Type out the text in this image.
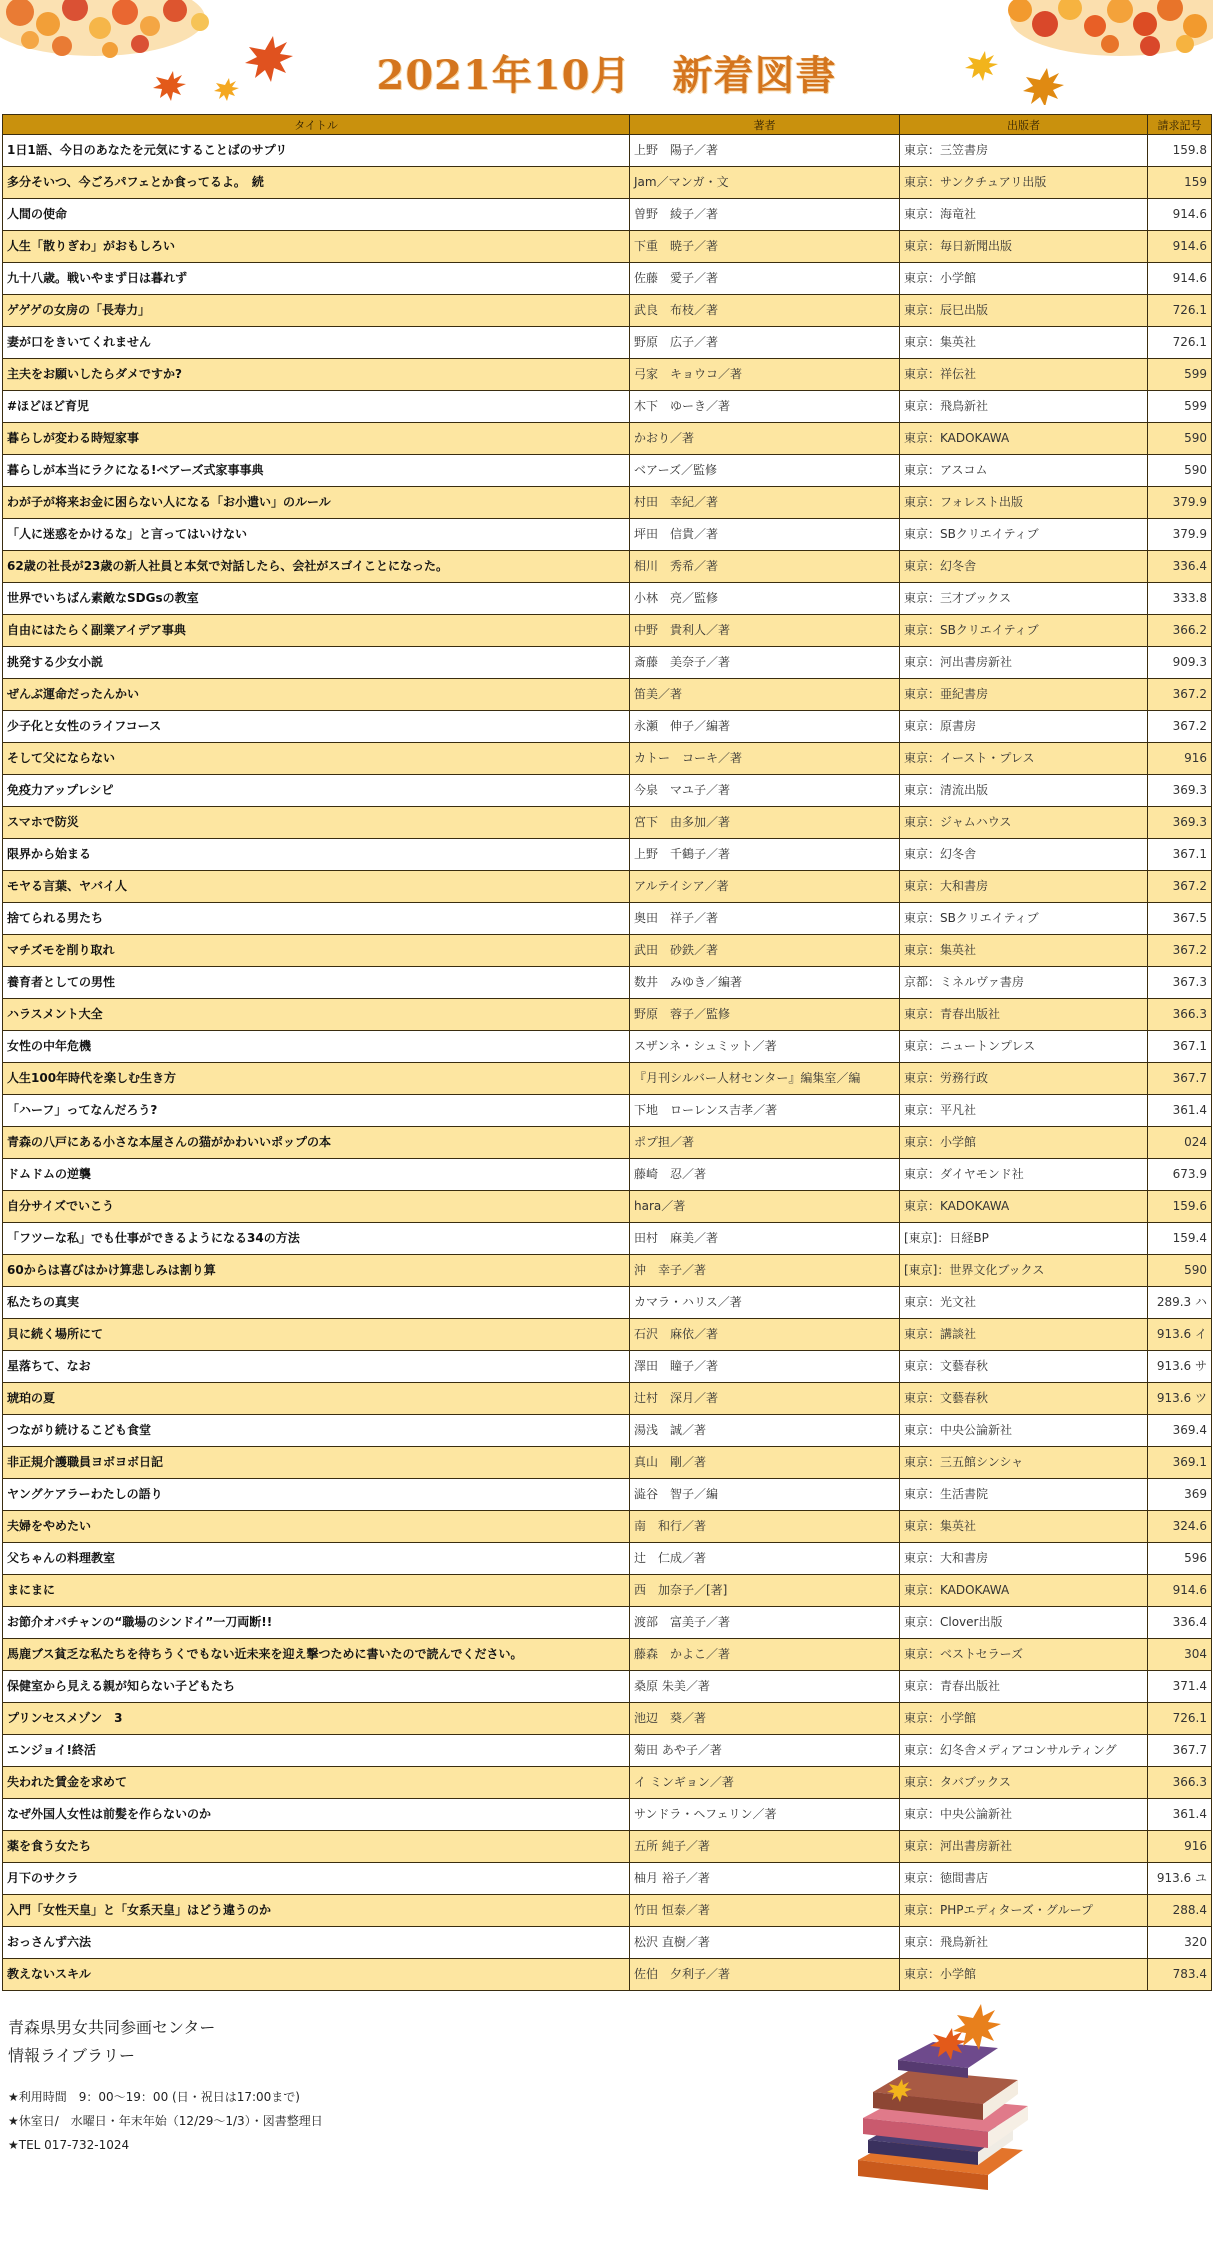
2021年10月　新着図書
タイトル	著者	出版者	請求記号
1日1語、今日のあなたを元気にすることばのサプリ	上野　陽子／著	東京：三笠書房	159.8
多分そいつ、今ごろパフェとか食ってるよ。　続	Jam／マンガ・文	東京：サンクチュアリ出版	159
人間の使命	曽野　綾子／著	東京：海竜社	914.6
人生「散りぎわ」がおもしろい	下重　暁子／著	東京：毎日新聞出版	914.6
九十八歳。戦いやまず日は暮れず	佐藤　愛子／著	東京：小学館	914.6
ゲゲゲの女房の「長寿力」	武良　布枝／著	東京：辰巳出版	726.1
妻が口をきいてくれません	野原　広子／著	東京：集英社	726.1
主夫をお願いしたらダメですか?	弓家　キョウコ／著	東京：祥伝社	599
#ほどほど育児	木下　ゆーき／著	東京：飛鳥新社	599
暮らしが変わる時短家事	かおり／著	東京：KADOKAWA	590
暮らしが本当にラクになる!ベアーズ式家事事典	ベアーズ／監修	東京：アスコム	590
わが子が将来お金に困らない人になる「お小遣い」のルール	村田　幸紀／著	東京：フォレスト出版	379.9
「人に迷惑をかけるな」と言ってはいけない	坪田　信貴／著	東京：SBクリエイティブ	379.9
62歳の社長が23歳の新人社員と本気で対話したら、会社がスゴイことになった。	相川　秀希／著	東京：幻冬舎	336.4
世界でいちばん素敵なSDGsの教室	小林　亮／監修	東京：三才ブックス	333.8
自由にはたらく副業アイデア事典	中野　貴利人／著	東京：SBクリエイティブ	366.2
挑発する少女小説	斎藤　美奈子／著	東京：河出書房新社	909.3
ぜんぶ運命だったんかい	笛美／著	東京：亜紀書房	367.2
少子化と女性のライフコース	永瀬　伸子／編著	東京：原書房	367.2
そして父にならない	カトー　コーキ／著	東京：イースト・プレス	916
免疫力アップレシピ	今泉　マユ子／著	東京：清流出版	369.3
スマホで防災	宮下　由多加／著	東京：ジャムハウス	369.3
限界から始まる	上野　千鶴子／著	東京：幻冬舎	367.1
モヤる言葉、ヤバイ人	アルテイシア／著	東京：大和書房	367.2
捨てられる男たち	奥田　祥子／著	東京：SBクリエイティブ	367.5
マチズモを削り取れ	武田　砂鉄／著	東京：集英社	367.2
養育者としての男性	数井　みゆき／編著	京都：ミネルヴァ書房	367.3
ハラスメント大全	野原　蓉子／監修	東京：青春出版社	366.3
女性の中年危機	スザンネ・シュミット／著	東京：ニュートンプレス	367.1
人生100年時代を楽しむ生き方	『月刊シルバー人材センター』編集室／編	東京：労務行政	367.7
「ハーフ」ってなんだろう?	下地　ローレンス吉孝／著	東京：平凡社	361.4
青森の八戸にある小さな本屋さんの猫がかわいいポップの本	ポプ担／著	東京：小学館	024
ドムドムの逆襲	藤崎　忍／著	東京：ダイヤモンド社	673.9
自分サイズでいこう	hara／著	東京：KADOKAWA	159.6
「フツーな私」でも仕事ができるようになる34の方法	田村　麻美／著	[東京]：日経BP	159.4
60からは喜びはかけ算悲しみは割り算	沖　幸子／著	[東京]：世界文化ブックス	590
私たちの真実	カマラ・ハリス／著	東京：光文社	289.3 ハ
貝に続く場所にて	石沢　麻依／著	東京：講談社	913.6 イ
星落ちて、なお	澤田　瞳子／著	東京：文藝春秋	913.6 サ
琥珀の夏	辻村　深月／著	東京：文藝春秋	913.6 ツ
つながり続けるこども食堂	湯浅　誠／著	東京：中央公論新社	369.4
非正規介護職員ヨボヨボ日記	真山　剛／著	東京：三五館シンシャ	369.1
ヤングケアラーわたしの語り	澁谷　智子／編	東京：生活書院	369
夫婦をやめたい	南　和行／著	東京：集英社	324.6
父ちゃんの料理教室	辻　仁成／著	東京：大和書房	596
まにまに	西　加奈子／[著]	東京：KADOKAWA	914.6
お節介オバチャンの“職場のシンドイ”一刀両断!!	渡部　富美子／著	東京：Clover出版	336.4
馬鹿ブス貧乏な私たちを待ちうくでもない近未来を迎え撃つために書いたので読んでください。	藤森　かよこ／著	東京：ベストセラーズ	304
保健室から見える親が知らない子どもたち	桑原 朱美／著	東京：青春出版社	371.4
プリンセスメゾン　3	池辺　葵／著	東京：小学館	726.1
エンジョイ!終活	菊田 あや子／著	東京：幻冬舎メディアコンサルティング	367.7
失われた賃金を求めて	イ ミンギョン／著	東京：タバブックス	366.3
なぜ外国人女性は前髪を作らないのか	サンドラ・ヘフェリン／著	東京：中央公論新社	361.4
薬を食う女たち	五所 純子／著	東京：河出書房新社	916
月下のサクラ	柚月 裕子／著	東京：徳間書店	913.6 ユ
入門「女性天皇」と「女系天皇」はどう違うのか	竹田 恒泰／著	東京：PHPエディターズ・グループ	288.4
おっさんず六法	松沢 直樹／著	東京：飛鳥新社	320
教えないスキル	佐伯　夕利子／著	東京：小学館	783.4
青森県男女共同参画センター
情報ライブラリー
★利用時間　9：00～19：00 (日・祝日は17:00まで)
★休室日/　水曜日・年末年始（12/29～1/3）・図書整理日
★TEL 017-732-1024
